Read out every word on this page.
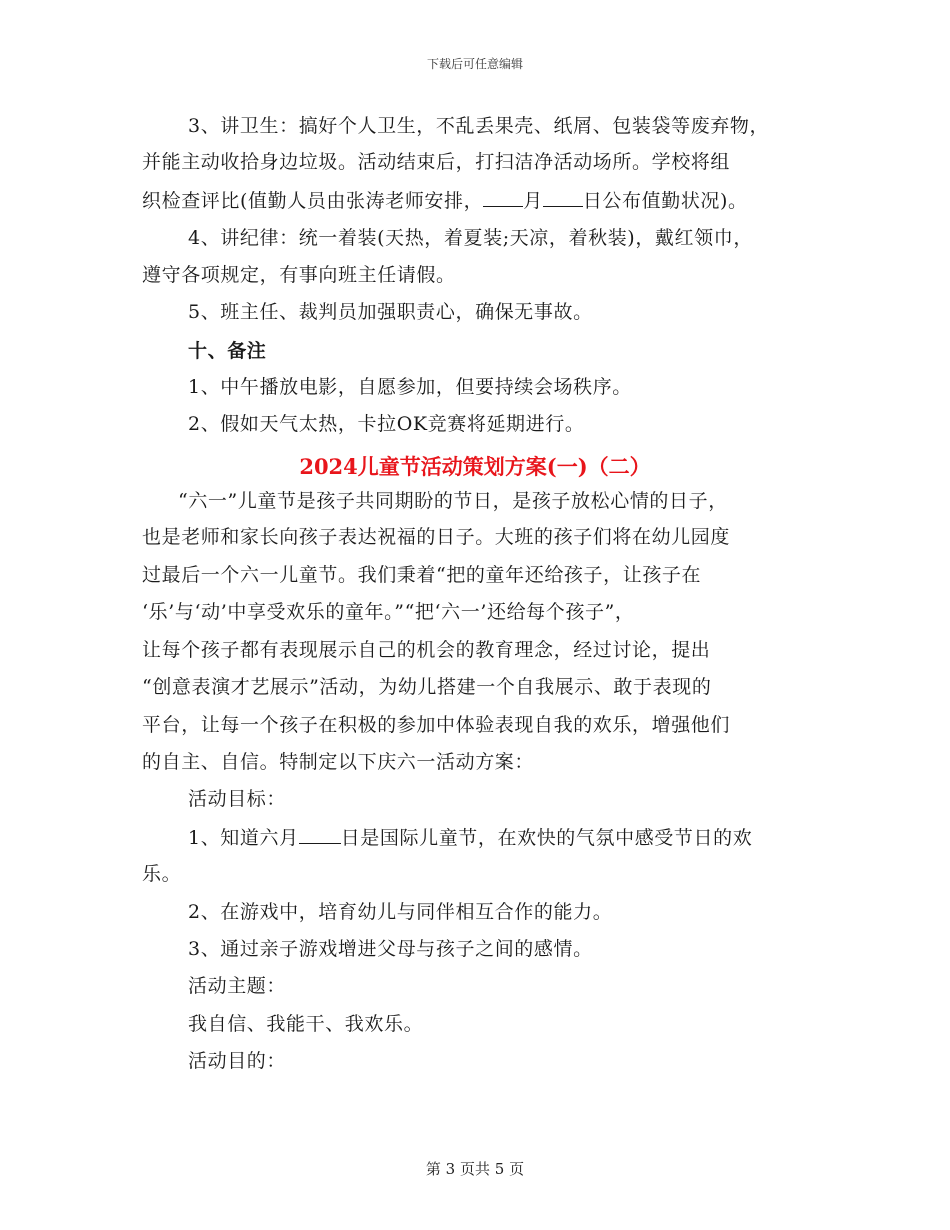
下载后可任意编辑
3、讲卫生：搞好个人卫生，不乱丢果壳、纸屑、包装袋等废弃物，
并能主动收拾身边垃圾。活动结束后，打扫洁净活动场所。学校将组
织检查评比(值勤人员由张涛老师安排， 月 日公布值勤状况)。
4、讲纪律：统一着装(天热，着夏装;天凉，着秋装)，戴红领巾，
遵守各项规定，有事向班主任请假。
5、班主任、裁判员加强职责心，确保无事故。
十、备注
1、中午播放电影，自愿参加，但要持续会场秩序。
2、假如天气太热，卡拉OK竞赛将延期进行。
2024儿童节活动策划方案(一)（二）
“六一”儿童节是孩子共同期盼的节日，是孩子放松心情的日子，
也是老师和家长向孩子表达祝福的日子。大班的孩子们将在幼儿园度
过最后一个六一儿童节。我们秉着“把的童年还给孩子，让孩子在
‘乐’与‘动’中享受欢乐的童年。”“把‘六一’还给每个孩子”，
让每个孩子都有表现展示自己的机会的教育理念，经过讨论，提出
“创意表演才艺展示”活动，为幼儿搭建一个自我展示、敢于表现的
平台，让每一个孩子在积极的参加中体验表现自我的欢乐，增强他们
的自主、自信。特制定以下庆六一活动方案：
活动目标：
1、知道六月 日是国际儿童节，在欢快的气氛中感受节日的欢
乐。
2、在游戏中，培育幼儿与同伴相互合作的能力。
3、通过亲子游戏增进父母与孩子之间的感情。
活动主题：
我自信、我能干、我欢乐。
活动目的：
第 3 页共 5 页
